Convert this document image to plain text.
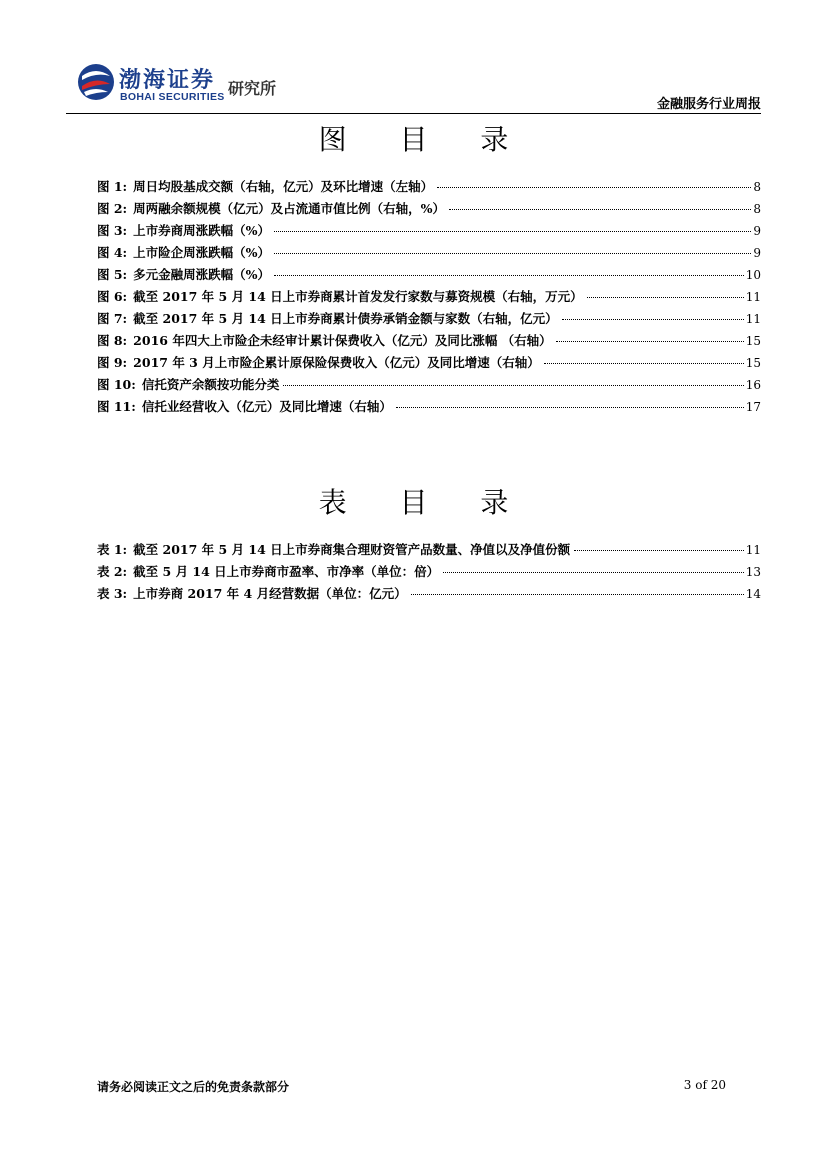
渤海证券
BOHAI SECURITIES 研究所
金融服务行业周报
图 目 录
图 1: 周日均股基成交额（右轴，亿元）及环比增速（左轴）	8
图 2: 周两融余额规模（亿元）及占流通市值比例（右轴，%）	8
图 3: 上市券商周涨跌幅（%）	9
图 4: 上市险企周涨跌幅（%）	9
图 5: 多元金融周涨跌幅（%）	10
图 6: 截至 2017 年 5 月 14 日上市券商累计首发发行家数与募资规模（右轴，万元）	11
图 7: 截至 2017 年 5 月 14 日上市券商累计债券承销金额与家数（右轴，亿元）	11
图 8: 2016 年四大上市险企未经审计累计保费收入（亿元）及同比涨幅 （右轴）	15
图 9: 2017 年 3 月上市险企累计原保险保费收入（亿元）及同比增速（右轴）	15
图 10: 信托资产余额按功能分类	16
图 11: 信托业经营收入（亿元）及同比增速（右轴）	17
表 目 录
表 1: 截至 2017 年 5 月 14 日上市券商集合理财资管产品数量、净值以及净值份额	11
表 2: 截至 5 月 14 日上市券商市盈率、市净率（单位：倍）	13
表 3: 上市券商 2017 年 4 月经营数据（单位：亿元）	14
请务必阅读正文之后的免责条款部分	3 of 20
